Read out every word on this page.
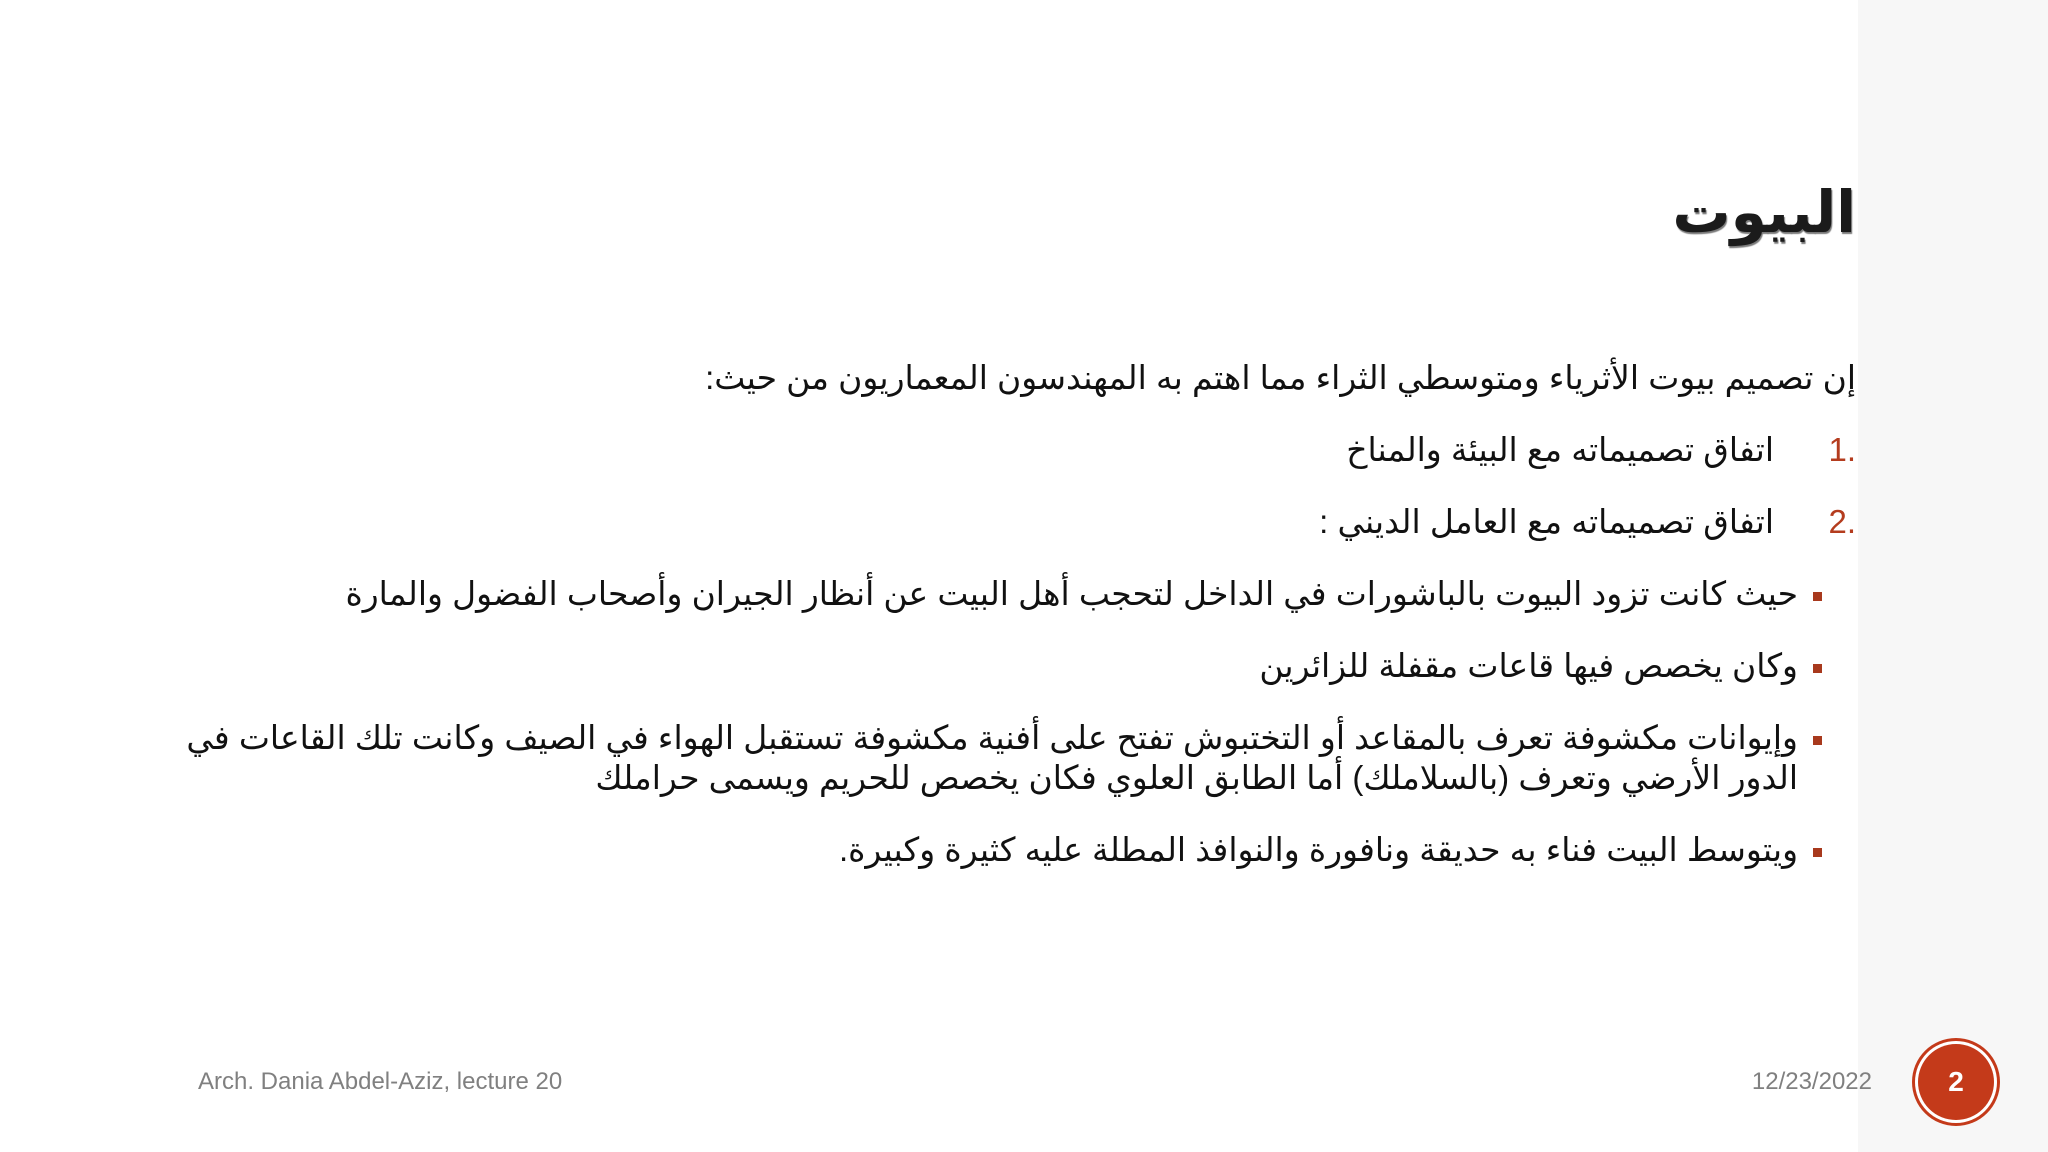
البيوت

إن تصميم بيوت الأثرياء ومتوسطي الثراء مما اهتم به المهندسون المعماريون من حيث:

.1
اتفاق تصميماته مع البيئة والمناخ
.2
اتفاق تصميماته مع العامل الديني :
حيث كانت تزود البيوت بالباشورات في الداخل لتحجب أهل البيت عن أنظار الجيران وأصحاب الفضول والمارة
وكان يخصص فيها قاعات مقفلة للزائرين
وإيوانات مكشوفة تعرف بالمقاعد أو التختبوش تفتح على أفنية مكشوفة تستقبل الهواء في الصيف وكانت تلك القاعات في الدور الأرضي وتعرف (بالسلاملك) أما الطابق العلوي فكان يخصص للحريم ويسمى حراملك
ويتوسط البيت فناء به حديقة ونافورة والنوافذ المطلة عليه كثيرة وكبيرة.
Arch. Dania Abdel-Aziz, lecture 20	12/23/2022	2
